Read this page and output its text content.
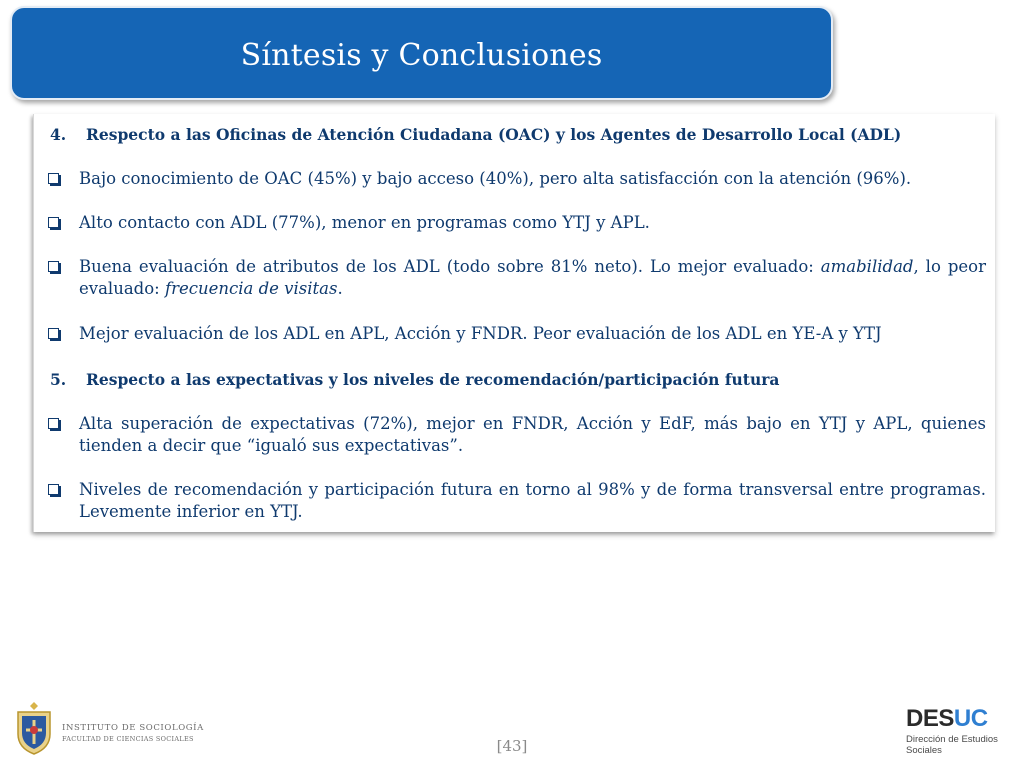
Síntesis y Conclusiones
4. Respecto a las Oficinas de Atención Ciudadana (OAC) y los Agentes de Desarrollo Local (ADL)
Bajo conocimiento de OAC (45%) y bajo acceso (40%), pero alta satisfacción con la atención (96%).
Alto contacto con ADL (77%), menor en programas como YTJ y APL.
Buena evaluación de atributos de los ADL (todo sobre 81% neto). Lo mejor evaluado: amabilidad, lo peor evaluado: frecuencia de visitas.
Mejor evaluación de los ADL en APL, Acción y FNDR. Peor evaluación de los ADL en YE-A y YTJ
5. Respecto a las expectativas y los niveles de recomendación/participación futura
Alta superación de expectativas (72%), mejor en FNDR, Acción y EdF, más bajo en YTJ y APL, quienes tienden a decir que “igualó sus expectativas”.
Niveles de recomendación y participación futura en torno al 98% y de forma transversal entre programas. Levemente inferior en YTJ.
INSTITUTO DE SOCIOLOGÍA
FACULTAD DE CIENCIAS SOCIALES	[43]
DESUC
Dirección de Estudios
Sociales
